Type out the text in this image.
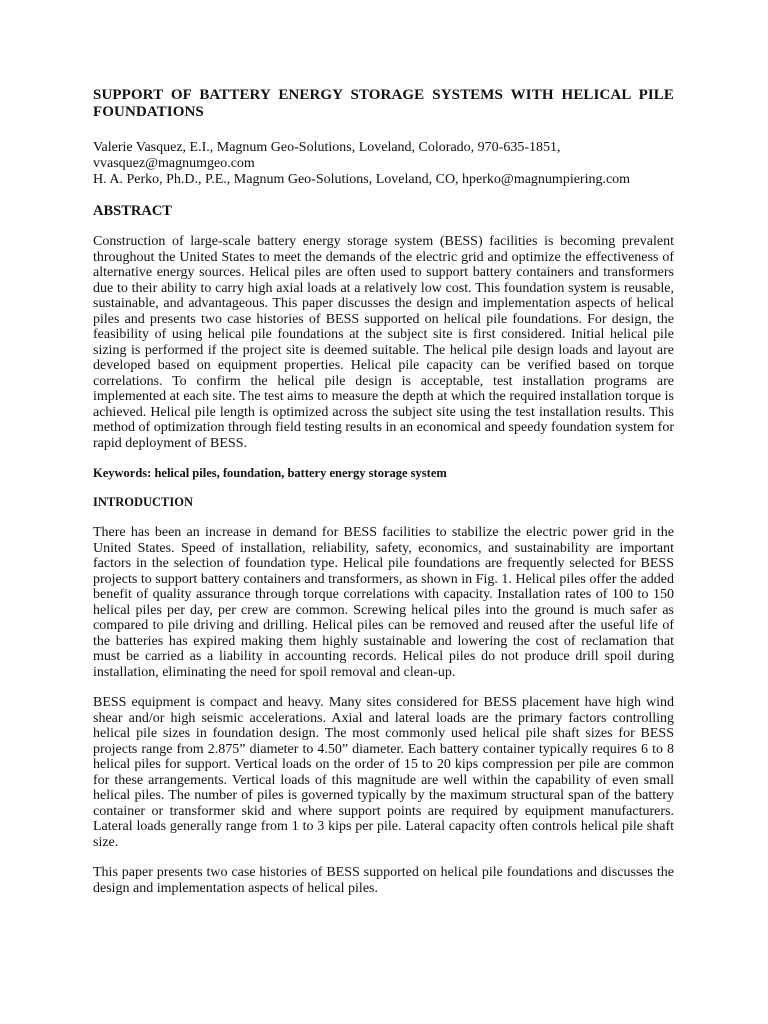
SUPPORT OF BATTERY ENERGY STORAGE SYSTEMS WITH HELICAL PILE FOUNDATIONS
Valerie Vasquez, E.I., Magnum Geo-Solutions, Loveland, Colorado, 970-635-1851, vvasquez@magnumgeo.com
H. A. Perko, Ph.D., P.E., Magnum Geo-Solutions, Loveland, CO, hperko@magnumpiering.com
ABSTRACT

Construction of large-scale battery energy storage system (BESS) facilities is becoming prevalent throughout the United States to meet the demands of the electric grid and optimize the effectiveness of alternative energy sources. Helical piles are often used to support battery containers and transformers due to their ability to carry high axial loads at a relatively low cost. This foundation system is reusable, sustainable, and advantageous. This paper discusses the design and implementation aspects of helical piles and presents two case histories of BESS supported on helical pile foundations. For design, the feasibility of using helical pile foundations at the subject site is first considered. Initial helical pile sizing is performed if the project site is deemed suitable. The helical pile design loads and layout are developed based on equipment properties. Helical pile capacity can be verified based on torque correlations. To confirm the helical pile design is acceptable, test installation programs are implemented at each site. The test aims to measure the depth at which the required installation torque is achieved. Helical pile length is optimized across the subject site using the test installation results. This method of optimization through field testing results in an economical and speedy foundation system for rapid deployment of BESS.

Keywords: helical piles, foundation, battery energy storage system
INTRODUCTION

There has been an increase in demand for BESS facilities to stabilize the electric power grid in the United States. Speed of installation, reliability, safety, economics, and sustainability are important factors in the selection of foundation type. Helical pile foundations are frequently selected for BESS projects to support battery containers and transformers, as shown in Fig. 1. Helical piles offer the added benefit of quality assurance through torque correlations with capacity. Installation rates of 100 to 150 helical piles per day, per crew are common. Screwing helical piles into the ground is much safer as compared to pile driving and drilling. Helical piles can be removed and reused after the useful life of the batteries has expired making them highly sustainable and lowering the cost of reclamation that must be carried as a liability in accounting records. Helical piles do not produce drill spoil during installation, eliminating the need for spoil removal and clean-up.

BESS equipment is compact and heavy. Many sites considered for BESS placement have high wind shear and/or high seismic accelerations. Axial and lateral loads are the primary factors controlling helical pile sizes in foundation design. The most commonly used helical pile shaft sizes for BESS projects range from 2.875” diameter to 4.50” diameter. Each battery container typically requires 6 to 8 helical piles for support. Vertical loads on the order of 15 to 20 kips compression per pile are common for these arrangements. Vertical loads of this magnitude are well within the capability of even small helical piles. The number of piles is governed typically by the maximum structural span of the battery container or transformer skid and where support points are required by equipment manufacturers. Lateral loads generally range from 1 to 3 kips per pile. Lateral capacity often controls helical pile shaft size.

This paper presents two case histories of BESS supported on helical pile foundations and discusses the design and implementation aspects of helical piles.
